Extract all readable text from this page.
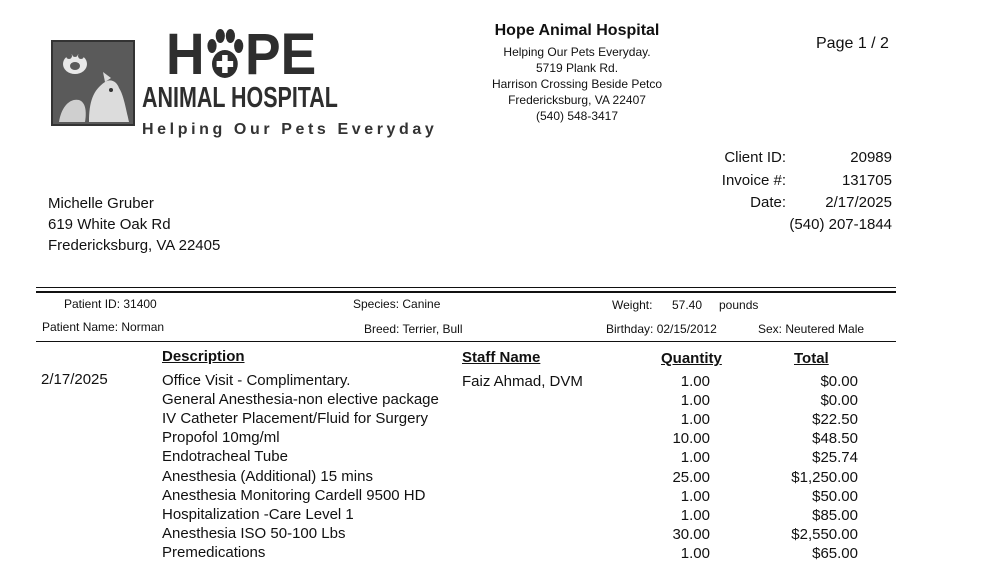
H PE
ANIMAL HOSPITAL
Helping Our Pets Everyday
Hope Animal Hospital
Helping Our Pets Everyday.
5719 Plank Rd.
Harrison Crossing Beside Petco
Fredericksburg, VA 22407
(540) 548-3417
Page 1 / 2
Client ID:	20989
Invoice #:	131705
Date:	2/17/2025
(540) 207-1844
Michelle Gruber
619 White Oak Rd
Fredericksburg, VA 22405
Patient ID: 31400	Species: Canine	Weight: 57.40 pounds
Patient Name: Norman	Breed: Terrier, Bull	Birthday: 02/15/2012	Sex: Neutered Male
Description	Staff Name	Quantity	Total
2/17/2025	Office Visit - Complimentary.	Faiz Ahmad, DVM	1.00	$0.00
General Anesthesia-non elective package	1.00	$0.00
IV Catheter Placement/Fluid for Surgery	1.00	$22.50
Propofol 10mg/ml	10.00	$48.50
Endotracheal Tube	1.00	$25.74
Anesthesia (Additional) 15 mins	25.00	$1,250.00
Anesthesia Monitoring Cardell 9500 HD	1.00	$50.00
Hospitalization -Care Level 1	1.00	$85.00
Anesthesia ISO 50-100 Lbs	30.00	$2,550.00
Premedications	1.00	$65.00
